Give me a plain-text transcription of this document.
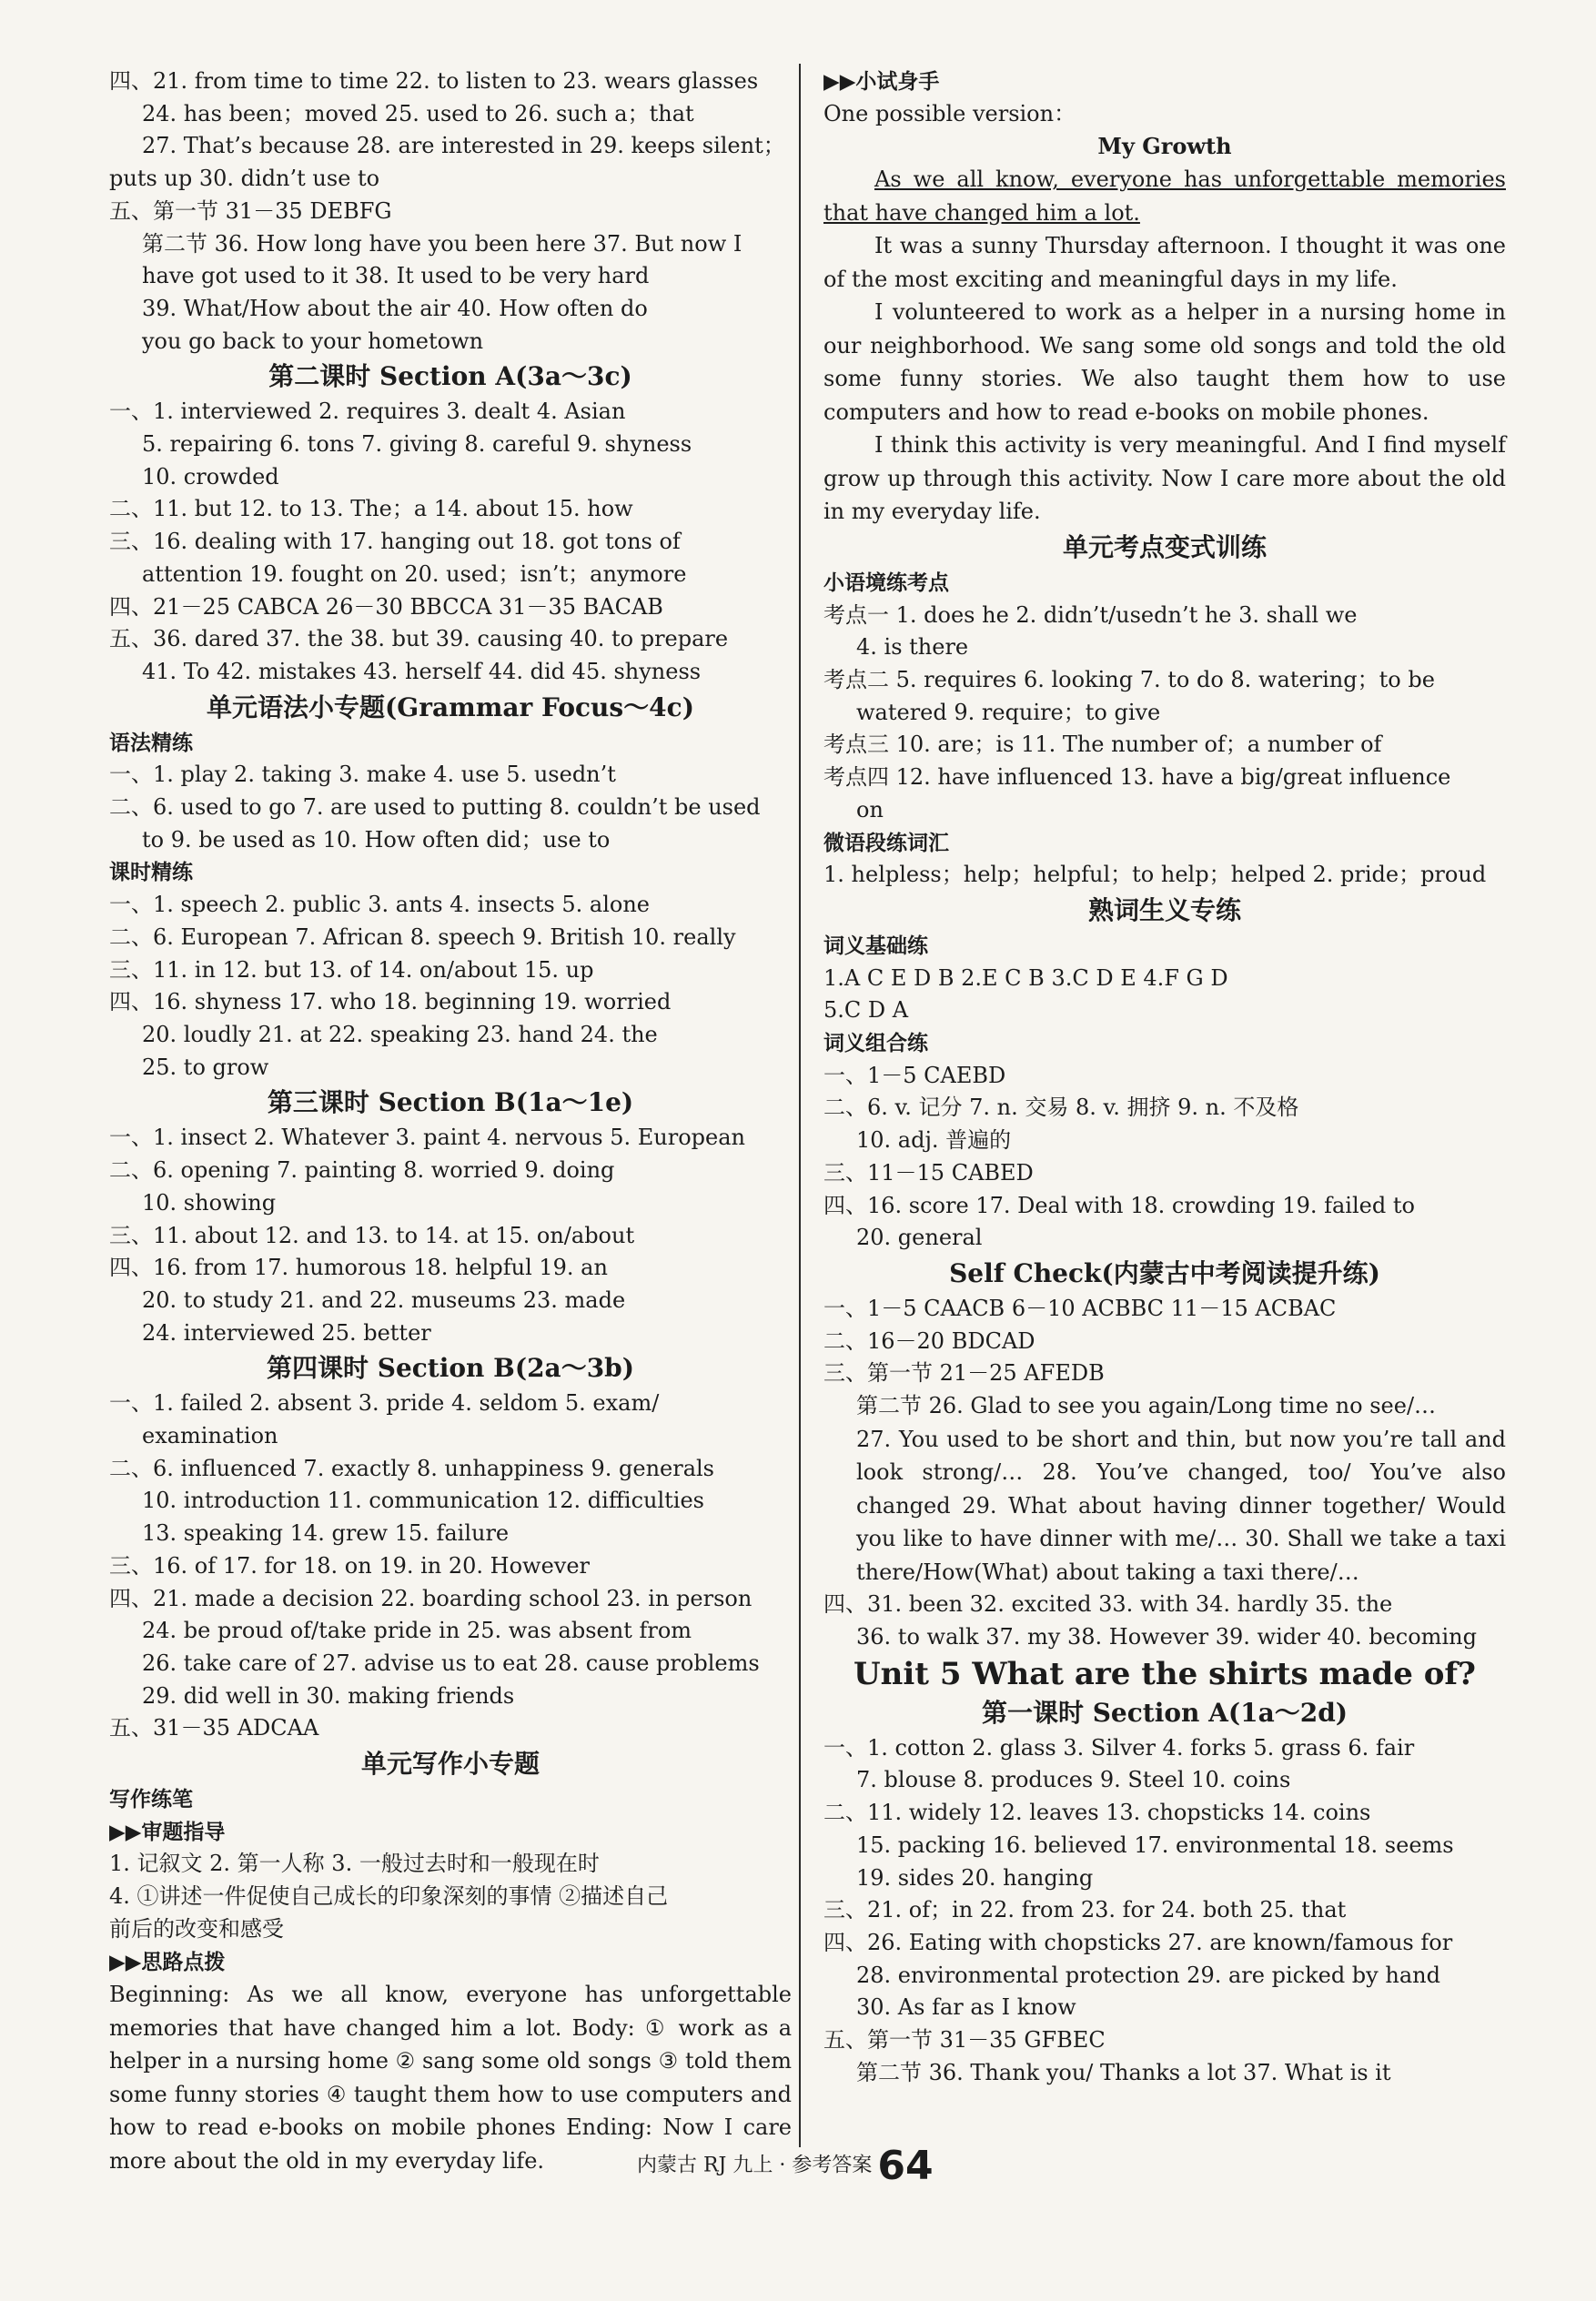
四、21. from time to time 22. to listen to 23. wears glasses
24. has been；moved 25. used to 26. such a；that
27. That’s because 28. are interested in 29. keeps silent；
puts up 30. didn’t use to
五、第一节 31－35 DEBFG
第二节 36. How long have you been here 37. But now I
have got used to it 38. It used to be very hard
39. What/How about the air 40. How often do
you go back to your hometown
第二课时 Section A(3a～3c)
一、1. interviewed 2. requires 3. dealt 4. Asian
5. repairing 6. tons 7. giving 8. careful 9. shyness
10. crowded
二、11. but 12. to 13. The；a 14. about 15. how
三、16. dealing with 17. hanging out 18. got tons of
attention 19. fought on 20. used；isn’t；anymore
四、21－25 CABCA 26－30 BBCCA 31－35 BACAB
五、36. dared 37. the 38. but 39. causing 40. to prepare
41. To 42. mistakes 43. herself 44. did 45. shyness
单元语法小专题(Grammar Focus～4c)
语法精练
一、1. play 2. taking 3. make 4. use 5. usedn’t
二、6. used to go 7. are used to putting 8. couldn’t be used
to 9. be used as 10. How often did；use to
课时精练
一、1. speech 2. public 3. ants 4. insects 5. alone
二、6. European 7. African 8. speech 9. British 10. really
三、11. in 12. but 13. of 14. on/about 15. up
四、16. shyness 17. who 18. beginning 19. worried
20. loudly 21. at 22. speaking 23. hand 24. the
25. to grow
第三课时 Section B(1a～1e)
一、1. insect 2. Whatever 3. paint 4. nervous 5. European
二、6. opening 7. painting 8. worried 9. doing
10. showing
三、11. about 12. and 13. to 14. at 15. on/about
四、16. from 17. humorous 18. helpful 19. an
20. to study 21. and 22. museums 23. made
24. interviewed 25. better
第四课时 Section B(2a～3b)
一、1. failed 2. absent 3. pride 4. seldom 5. exam/
examination
二、6. influenced 7. exactly 8. unhappiness 9. generals
10. introduction 11. communication 12. difficulties
13. speaking 14. grew 15. failure
三、16. of 17. for 18. on 19. in 20. However
四、21. made a decision 22. boarding school 23. in person
24. be proud of/take pride in 25. was absent from
26. take care of 27. advise us to eat 28. cause problems
29. did well in 30. making friends
五、31－35 ADCAA
单元写作小专题
写作练笔
▶▶审题指导
1. 记叙文 2. 第一人称 3. 一般过去时和一般现在时
4. ①讲述一件促使自己成长的印象深刻的事情 ②描述自己
前后的改变和感受
▶▶思路点拨
Beginning: As we all know, everyone has unforgettable memories that have changed him a lot. Body: ① work as a helper in a nursing home ② sang some old songs ③ told them some funny stories ④ taught them how to use computers and how to read e-books on mobile phones Ending: Now I care more about the old in my everyday life.
▶▶小试身手
One possible version：
My Growth
As we all know, everyone has unforgettable memories that have changed him a lot.
It was a sunny Thursday afternoon. I thought it was one of the most exciting and meaningful days in my life.
I volunteered to work as a helper in a nursing home in our neighborhood. We sang some old songs and told the old some funny stories. We also taught them how to use computers and how to read e-books on mobile phones.
I think this activity is very meaningful. And I find myself grow up through this activity. Now I care more about the old in my everyday life.
单元考点变式训练
小语境练考点
考点一 1. does he 2. didn’t/usedn’t he 3. shall we
4. is there
考点二 5. requires 6. looking 7. to do 8. watering；to be
watered 9. require；to give
考点三 10. are；is 11. The number of；a number of
考点四 12. have influenced 13. have a big/great influence
on
微语段练词汇
1. helpless；help；helpful；to help；helped 2. pride；proud
熟词生义专练
词义基础练
1.A C E D B 2.E C B 3.C D E 4.F G D
5.C D A
词义组合练
一、1－5 CAEBD
二、6. v. 记分 7. n. 交易 8. v. 拥挤 9. n. 不及格
10. adj. 普遍的
三、11－15 CABED
四、16. score 17. Deal with 18. crowding 19. failed to
20. general
Self Check(内蒙古中考阅读提升练)
一、1－5 CAACB 6－10 ACBBC 11－15 ACBAC
二、16－20 BDCAD
三、第一节 21－25 AFEDB
第二节 26. Glad to see you again/Long time no see/…
27. You used to be short and thin, but now you’re tall and look strong/… 28. You’ve changed, too/ You’ve also changed 29. What about having dinner together/ Would you like to have dinner with me/… 30. Shall we take a taxi there/How(What) about taking a taxi there/…
四、31. been 32. excited 33. with 34. hardly 35. the
36. to walk 37. my 38. However 39. wider 40. becoming
Unit 5 What are the shirts made of?
第一课时 Section A(1a～2d)
一、1. cotton 2. glass 3. Silver 4. forks 5. grass 6. fair
7. blouse 8. produces 9. Steel 10. coins
二、11. widely 12. leaves 13. chopsticks 14. coins
15. packing 16. believed 17. environmental 18. seems
19. sides 20. hanging
三、21. of；in 22. from 23. for 24. both 25. that
四、26. Eating with chopsticks 27. are known/famous for
28. environmental protection 29. are picked by hand
30. As far as I know
五、第一节 31－35 GFBEC
第二节 36. Thank you/ Thanks a lot 37. What is it
内蒙古 RJ 九上 · 参考答案 64
